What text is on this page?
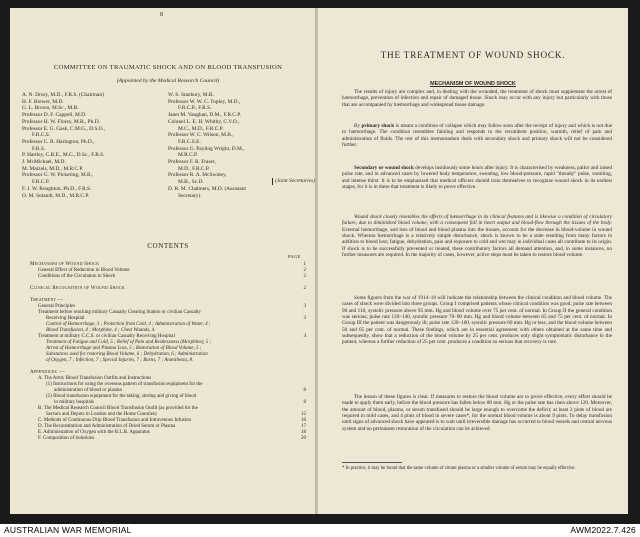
8
COMMITTEE ON TRAUMATIC SHOCK AND ON BLOOD TRANSFUSION
(Appointed by the Medical Research Council)
A. N. Drury, M.D., F.R.S. (Chairman)
H. F. Brewer, M.D.
G. L. Brown, M.Sc., M.B.
Professor D. F. Cappell, M.D.
Professor H. W. Florey, M.B., Ph.D.
Professor E. G. Gask, C.M.G., D.S.O.,
F.R.C.S.
Professor C. R. Harington, Ph.D.,
F.R.S.
P. Hartley, C.B.E., M.C., D.Sc., F.R.S.
J. McMichael, M.D.
M. Maizels, M.D., M.R.C.P.
Professor G. W. Pickering, M.B.,
F.R.C.P.
F. J. W. Roughton, Ph.D., F.R.S.
O. M. Solandt, M.D., M.R.C.P.
W. S. Stanbury, M.B.
Professor W. W. C. Topley, M.D.,
F.R.C.P., F.R.S.
Janet M. Vaughan, D.M., F.R.C.P.
Colonel L. E. H. Whitby, C.V.O.,
M.C., M.D., F.R.C.P.
Professor W. C. Wilson, M.B.,
F.R.C.S.E.
Professor G. Payling Wright, D.M.,
M.R.C.P.
Professor F. R. Fraser,
M.D., F.R.C.P.
Professor R. A. McSwiney,
M.B., Sc.D.
D. R. M. Chalmers, M.D. (Assistant
Secretary).
(Joint Secretaries)
CONTENTS
PAGE
Mechanism of Wound Shock	1
General Effect of Reduction in Blood Volume	2
Conditions of the Circulation in Shock	2
Clinical Recognition of Wound Shock	2
Treatment —
General Principles	3
Treatment before reaching military Casualty Clearing Station or civilian Casualty
Receiving Hospital	3
Control of Hæmorrhage, 3 ; Protection from Cold, 4 ; Administration of Water, 4 ;
Blood Transfusion, 4 ; Morphine, 4 ; Chest Wounds, 4.
Treatment at military C.C.S. or civilian Casualty Receiving Hospital	4
Treatment of Fatigue and Cold, 5 ; Relief of Pain and Restlessness (Morphine), 5 ;
Arrest of Hæmorrhage and Plasma Loss, 5 ; Restoration of Blood Volume, 5 ;
Substances used for restoring Blood Volume, 6 ; Dehydration, 6 ; Administration
of Oxygen, 7 ; Infection, 7 ; Special Injuries, 7 ; Burns, 7 ; Anæsthesia, 8.
Appendices :—
A. The Army Blood Transfusion Outfits and Instructions
(1) Instructions for using the overseas pattern of transfusion equipment for the
administration of blood or plasma	8
(2) Blood transfusion equipment for the taking, storing and giving of blood
in military hospitals	8
B. The Medical Research Council Blood Transfusion Outfit (as provided for the
Sectors and Depots in London and the Home Counties)	12
C. Methods of Continuous Drip Blood Transfusion and Intravenous Infusion	16
D. The Reconstitution and Administration of Dried Serum or Plasma	17
E. Administration of Oxygen with the B.L.B. Apparatus	18
F. Composition of Solutions	20
THE TREATMENT OF WOUND SHOCK.
MECHANISM OF WOUND SHOCK
The results of injury are complex and, in dealing with the wounded, the treatment of shock must supplement the arrest of hæmorrhage, prevention of infection and repair of damaged tissue. Shock may occur with any injury but particularly with those that are accompanied by hæmorrhage and widespread tissue damage.
By primary shock is meant a condition of collapse which may follow soon after the receipt of injury and which is not due to hæmorrhage. The condition resembles fainting and responds to the recumbent position, warmth, relief of pain and administration of fluids. The rest of this memorandum deals with secondary shock and primary shock will not be considered further.
Secondary or wound shock develops insidiously some hours after injury. It is characterised by weakness, pallor and raised pulse rate, and in advanced cases by lowered body temperature, sweating, low blood-pressure, rapid "thready" pulse, vomiting, and intense thirst. It is to be emphasised that medical officers should train themselves to recognise wound shock in its earliest stages, for it is in these that treatment is likely to prove effective.
Wound shock closely resembles the effects of hæmorrhage in its clinical features and is likewise a condition of circulatory failure, due to diminished blood volume, with a consequent fall in heart output and blood-flow through the tissues of the body. External hæmorrhage, and loss of blood and blood plasma into the tissues, account for the decrease in blood-volume in wound shock. Whereas hæmorrhage is a relatively simple disturbance, shock is known to be a state resulting from many factors in addition to blood loss; fatigue, dehydration, pain and exposure to cold and wet may in individual cases all contribute to its origin. If shock is to be successfully prevented or treated, these contributory factors all demand attention, and, in some instances, no further measures are required. In the majority of cases, however, active steps must be taken to restore blood volume.
Some figures from the war of 1914–18 will indicate the relationship between the clinical condition and blood volume. The cases of shock were divided into three groups. Group I comprised patients whose clinical condition was good; pulse rate between 90 and 110, systolic pressure above 95 mm. Hg and blood volume over 75 per cent. of normal. In Group II the general condition was serious; pulse rate 120–140, systolic pressure 70–90 mm. Hg and blood volume between 65 and 75 per cent. of normal. In Group III the patient was dangerously ill; pulse rate 120–160, systolic pressure 60 mm. Hg or less, and the blood volume between 50 and 65 per cent. of normal. These findings, which are in essential agreement with others obtained at the same time and subsequently, show that a reduction of the blood volume by 25 per cent. produces only slight symptomatic disturbance in the patient, whereas a further reduction of 25 per cent. produces a condition so serious that recovery is rare.
The lesson of these figures is clear. If measures to restore the blood volume are to prove effective, every effort should be made to apply them early, before the blood pressure has fallen below 80 mm. Hg or the pulse rate has risen above 120. Moreover, the amount of blood, plasma, or serum transfused should be large enough to overcome the deficit; at least 2 pints of blood are required in mild cases, and 4 pints of blood in severe cases*, for the normal blood volume is about 9 pints. To delay transfusion until signs of advanced shock have appeared is to wait until irreversible damage has occurred to blood vessels and central nervous system and no permanent restoration of the circulation can be achieved.
* In practice, it may be found that the same volume of citrate plasma or a smaller volume of serum may be equally effective.
AUSTRALIAN WAR MEMORIAL	AWM2022.7.426
